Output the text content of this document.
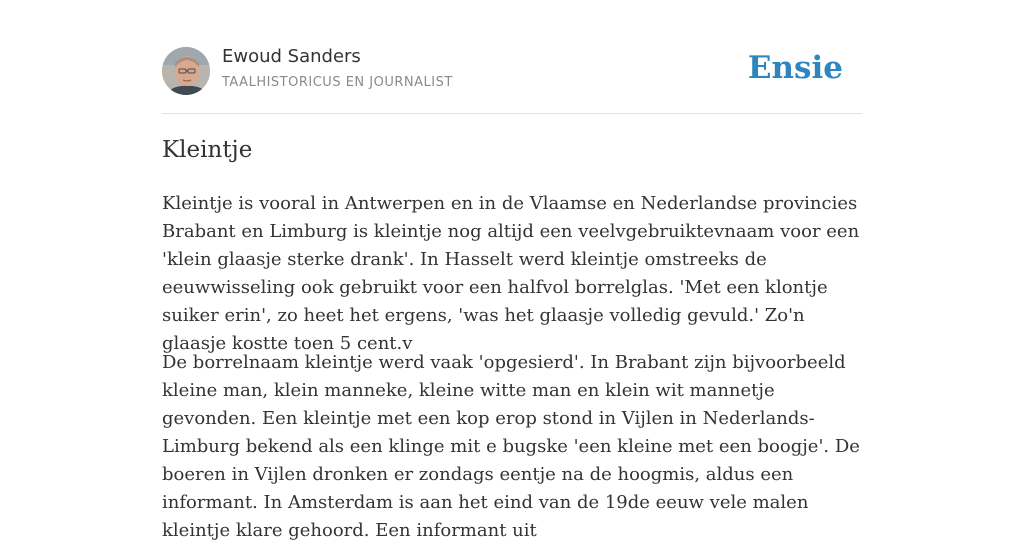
Ewoud Sanders
TAALHISTORICUS EN JOURNALIST	Ensie
Kleintje

Kleintje is vooral in Antwerpen en in de Vlaamse en Nederlandse provincies Brabant en Limburg is kleintje nog altijd een veelvgebruiktevnaam voor een 'klein glaasje sterke drank'. In Hasselt werd kleintje omstreeks de eeuwwisseling ook gebruikt voor een halfvol borrelglas. 'Met een klontje suiker erin', zo heet het ergens, 'was het glaasje volledig gevuld.' Zo'n glaasje kostte toen 5 cent.v

De borrelnaam kleintje werd vaak 'opgesierd'. In Brabant zijn bijvoorbeeld kleine man, klein manneke, kleine witte man en klein wit mannetje gevonden. Een kleintje met een kop erop stond in Vijlen in Nederlands-Limburg bekend als een klinge mit e bugske 'een kleine met een boogje'. De boeren in Vijlen dronken er zondags eentje na de hoogmis, aldus een informant. In Amsterdam is aan het eind van de 19de eeuw vele malen kleintje klare gehoord. Een informant uit
